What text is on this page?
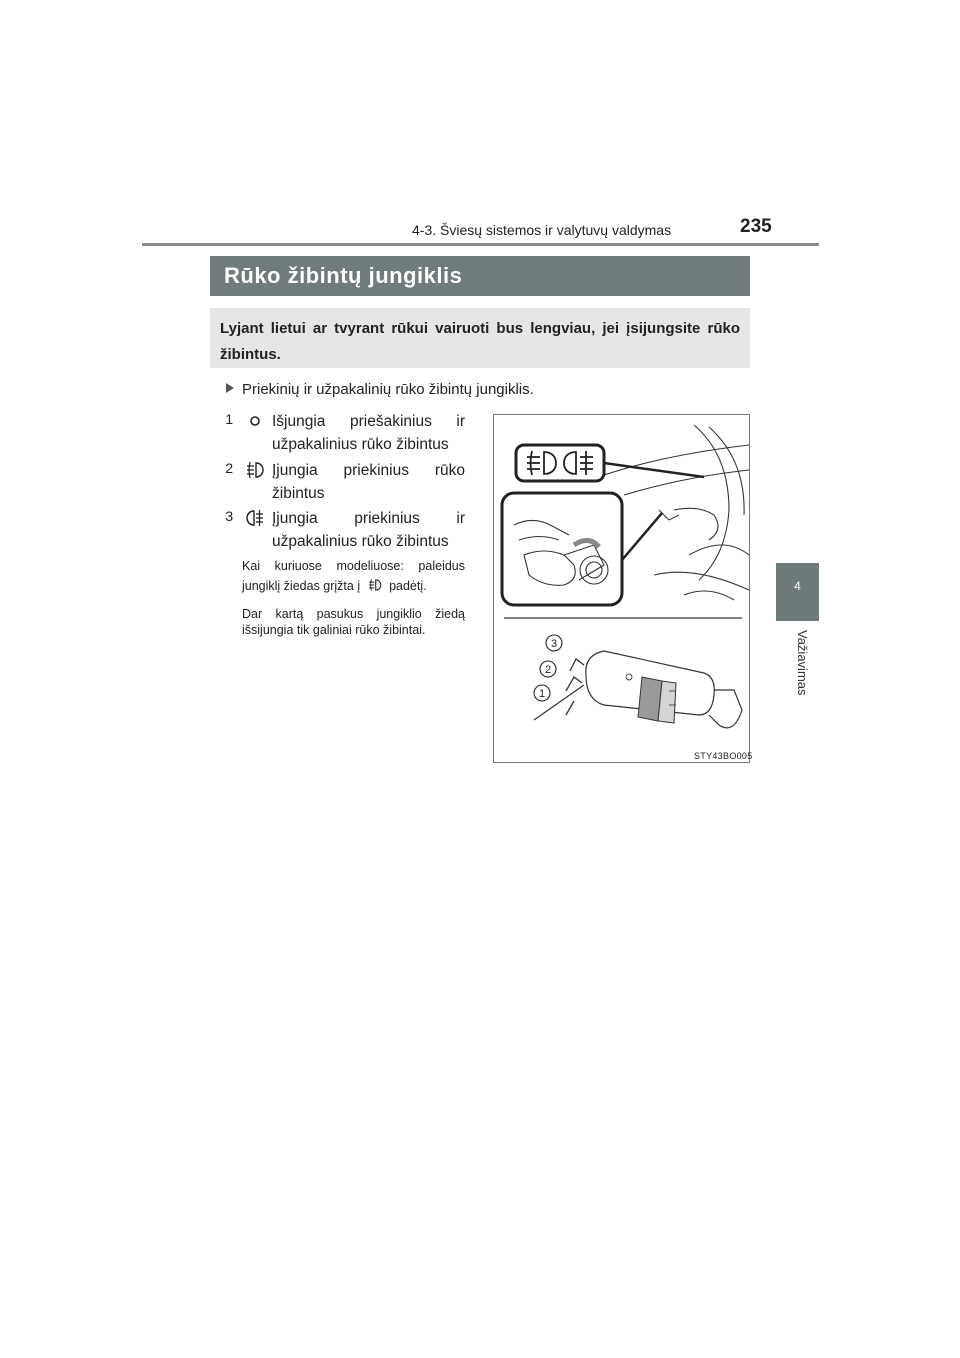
4-3. Šviesų sistemos ir valytuvų valdymas	235
4
Važiavimas
Rūko žibintų jungiklis
Lyjant lietui ar tvyrant rūkui vairuoti bus lengviau, jei įsijungsite rūko žibintus.
Priekinių ir užpakalinių rūko žibintų jungiklis.
1	Išjungia priešakinius ir užpakalinius rūko žibintus
2	Įjungia priekinius rūko žibintus
3	Įjungia priekinius ir užpakalinius rūko žibintus
Kai kuriuose modeliuose: paleidus jungiklį žiedas grįžta į padėtį.
Dar kartą pasukus jungiklio žiedą išsijungia tik galiniai rūko žibintai.
3
2
1
STY43BO005
